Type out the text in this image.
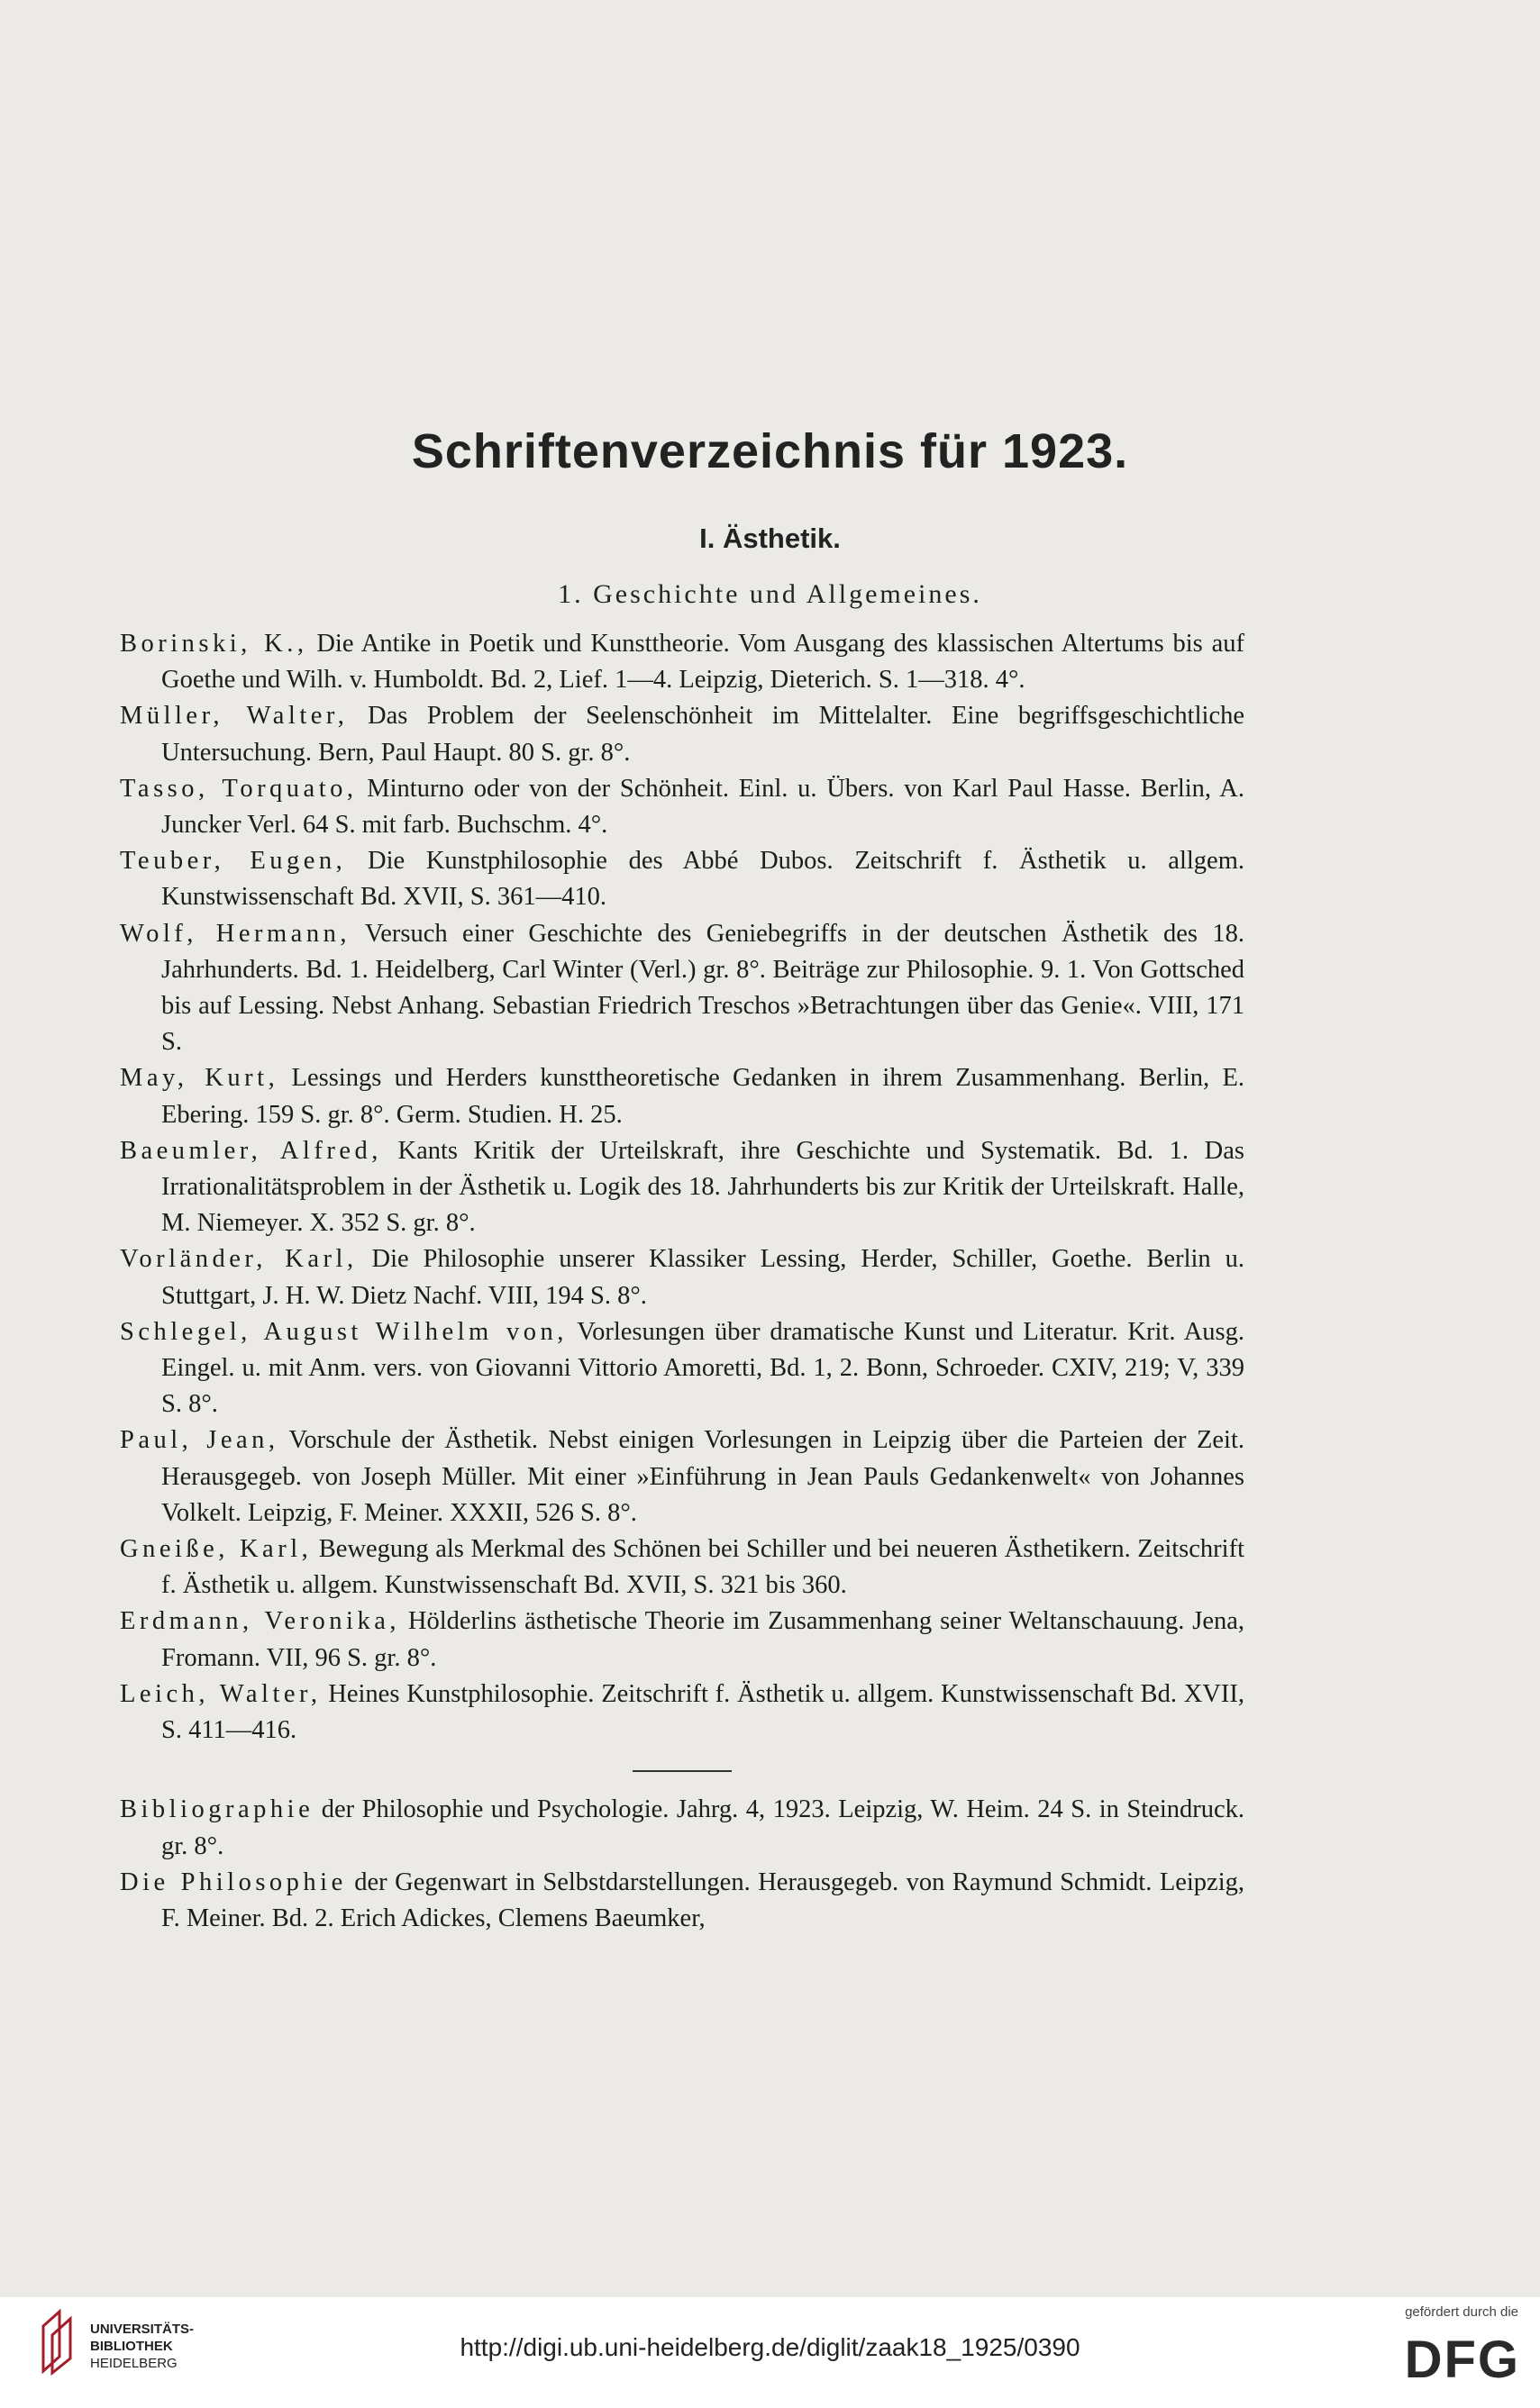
Schriftenverzeichnis für 1923.
I. Ästhetik.
1. Geschichte und Allgemeines.

Borinski, K., Die Antike in Poetik und Kunsttheorie. Vom Ausgang des klassischen Altertums bis auf Goethe und Wilh. v. Humboldt. Bd. 2, Lief. 1—4. Leipzig, Dieterich. S. 1—318. 4°.

Müller, Walter, Das Problem der Seelenschönheit im Mittelalter. Eine begriffsgeschichtliche Untersuchung. Bern, Paul Haupt. 80 S. gr. 8°.

Tasso, Torquato, Minturno oder von der Schönheit. Einl. u. Übers. von Karl Paul Hasse. Berlin, A. Juncker Verl. 64 S. mit farb. Buchschm. 4°.

Teuber, Eugen, Die Kunstphilosophie des Abbé Dubos. Zeitschrift f. Ästhetik u. allgem. Kunstwissenschaft Bd. XVII, S. 361—410.

Wolf, Hermann, Versuch einer Geschichte des Geniebegriffs in der deutschen Ästhetik des 18. Jahrhunderts. Bd. 1. Heidelberg, Carl Winter (Verl.) gr. 8°. Beiträge zur Philosophie. 9. 1. Von Gottsched bis auf Lessing. Nebst Anhang. Sebastian Friedrich Treschos »Betrachtungen über das Genie«. VIII, 171 S.

May, Kurt, Lessings und Herders kunsttheoretische Gedanken in ihrem Zusammenhang. Berlin, E. Ebering. 159 S. gr. 8°. Germ. Studien. H. 25.

Baeumler, Alfred, Kants Kritik der Urteilskraft, ihre Geschichte und Systematik. Bd. 1. Das Irrationalitätsproblem in der Ästhetik u. Logik des 18. Jahrhunderts bis zur Kritik der Urteilskraft. Halle, M. Niemeyer. X. 352 S. gr. 8°.

Vorländer, Karl, Die Philosophie unserer Klassiker Lessing, Herder, Schiller, Goethe. Berlin u. Stuttgart, J. H. W. Dietz Nachf. VIII, 194 S. 8°.

Schlegel, August Wilhelm von, Vorlesungen über dramatische Kunst und Literatur. Krit. Ausg. Eingel. u. mit Anm. vers. von Giovanni Vittorio Amoretti, Bd. 1, 2. Bonn, Schroeder. CXIV, 219; V, 339 S. 8°.

Paul, Jean, Vorschule der Ästhetik. Nebst einigen Vorlesungen in Leipzig über die Parteien der Zeit. Herausgegeb. von Joseph Müller. Mit einer »Einführung in Jean Pauls Gedankenwelt« von Johannes Volkelt. Leipzig, F. Meiner. XXXII, 526 S. 8°.

Gneiße, Karl, Bewegung als Merkmal des Schönen bei Schiller und bei neueren Ästhetikern. Zeitschrift f. Ästhetik u. allgem. Kunstwissenschaft Bd. XVII, S. 321 bis 360.

Erdmann, Veronika, Hölderlins ästhetische Theorie im Zusammenhang seiner Weltanschauung. Jena, Fromann. VII, 96 S. gr. 8°.

Leich, Walter, Heines Kunstphilosophie. Zeitschrift f. Ästhetik u. allgem. Kunstwissenschaft Bd. XVII, S. 411—416.

Bibliographie der Philosophie und Psychologie. Jahrg. 4, 1923. Leipzig, W. Heim. 24 S. in Steindruck. gr. 8°.

Die Philosophie der Gegenwart in Selbstdarstellungen. Herausgegeb. von Raymund Schmidt. Leipzig, F. Meiner. Bd. 2. Erich Adickes, Clemens Baeumker,

UNIVERSITÄTS-
BIBLIOTHEK
HEIDELBERG
http://digi.ub.uni-heidelberg.de/diglit/zaak18_1925/0390
gefördert durch die
DFG
